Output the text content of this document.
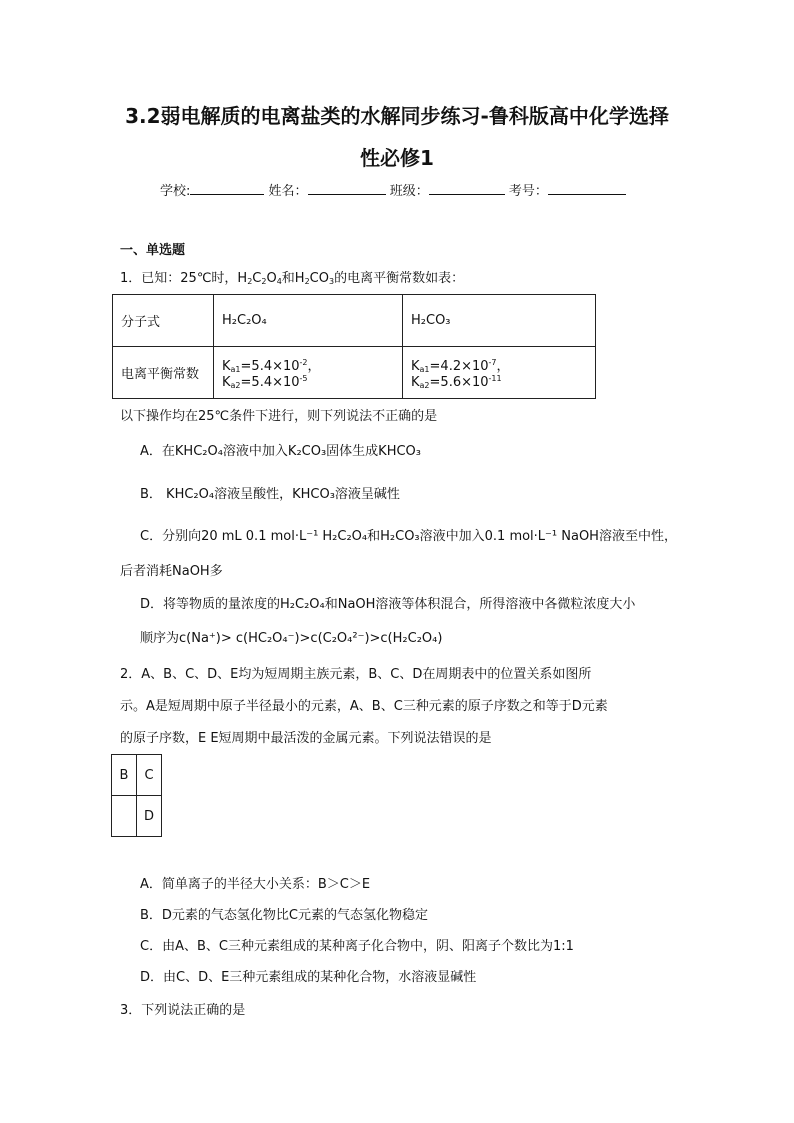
3.2弱电解质的电离盐类的水解同步练习-鲁科版高中化学选择
性必修1
学校:	姓名：	班级：	考号：
一、单选题
1．已知：25℃时，$H_2C_2O_4$和$H_2CO_3$的电离平衡常数如表：
分子式	H₂C₂O₄	H₂CO₃
电离平衡常数	$K_{a1}=5.4\times 10^{-2}$，$K_{a2}=5.4\times 10^{-5}$	$K_{a1}=4.2\times 10^{-7}$，$K_{a2}=5.6\times 10^{-11}$
以下操作均在25℃条件下进行，则下列说法不正确的是
A．在KHC₂O₄溶液中加入K₂CO₃固体生成KHCO₃
B． KHC₂O₄溶液呈酸性，KHCO₃溶液呈碱性
C．分别向20 mL 0.1 mol·L⁻¹ H₂C₂O₄和H₂CO₃溶液中加入0.1 mol·L⁻¹ NaOH溶液至中性，
后者消耗NaOH多
D．将等物质的量浓度的H₂C₂O₄和NaOH溶液等体积混合，所得溶液中各微粒浓度大小
顺序为c(Na⁺)> c(HC₂O₄⁻)>c(C₂O₄²⁻)>c(H₂C₂O₄)
2．A、B、C、D、E均为短周期主族元素，B、C、D在周期表中的位置关系如图所
示。A是短周期中原子半径最小的元素，A、B、C三种元素的原子序数之和等于D元素
的原子序数，E E短周期中最活泼的金属元素。下列说法错误的是
B	C
	D
A．简单离子的半径大小关系：B＞C＞E
B．D元素的气态氢化物比C元素的气态氢化物稳定
C．由A、B、C三种元素组成的某种离子化合物中，阴、阳离子个数比为1:1
D．由C、D、E三种元素组成的某种化合物，水溶液显碱性
3．下列说法正确的是
